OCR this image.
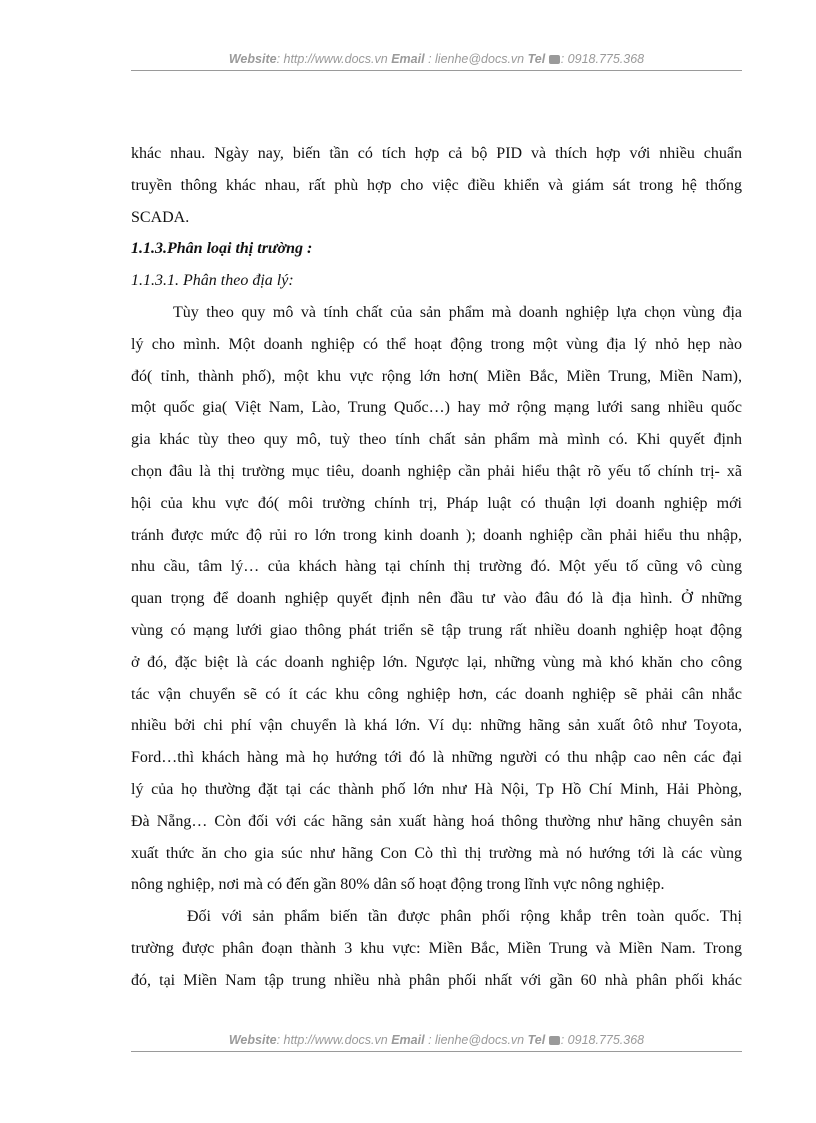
Website: http://www.docs.vn Email : lienhe@docs.vn Tel : 0918.775.368

khác nhau. Ngày nay, biến tần có tích hợp cả bộ PID và thích hợp với nhiều chuẩn
truyền thông khác nhau, rất phù hợp cho việc điều khiển và giám sát trong hệ thống
SCADA.

1.1.3.Phân loại thị trường :

1.1.3.1. Phân theo địa lý:

Tùy theo quy mô và tính chất của sản phẩm mà doanh nghiệp lựa chọn vùng địa
lý cho mình. Một doanh nghiệp có thể hoạt động trong một vùng địa lý nhỏ hẹp nào
đó( tỉnh, thành phố), một khu vực rộng lớn hơn( Miền Bắc, Miền Trung, Miền Nam),
một quốc gia( Việt Nam, Lào, Trung Quốc…) hay mở rộng mạng lưới sang nhiều quốc
gia khác tùy theo quy mô, tuỳ theo tính chất sản phẩm mà mình có. Khi quyết định
chọn đâu là thị trường mục tiêu, doanh nghiệp cần phải hiểu thật rõ yếu tố chính trị- xã
hội của khu vực đó( môi trường chính trị, Pháp luật có thuận lợi doanh nghiệp mới
tránh được mức độ rủi ro lớn trong kinh doanh ); doanh nghiệp cần phải hiểu thu nhập,
nhu cầu, tâm lý… của khách hàng tại chính thị trường đó. Một yếu tố cũng vô cùng
quan trọng để doanh nghiệp quyết định nên đầu tư vào đâu đó là địa hình. Ở những
vùng có mạng lưới giao thông phát triển sẽ tập trung rất nhiều doanh nghiệp hoạt động
ở đó, đặc biệt là các doanh nghiệp lớn. Ngược lại, những vùng mà khó khăn cho công
tác vận chuyển sẽ có ít các khu công nghiệp hơn, các doanh nghiệp sẽ phải cân nhắc
nhiều bởi chi phí vận chuyển là khá lớn. Ví dụ: những hãng sản xuất ôtô như Toyota,
Ford…thì khách hàng mà họ hướng tới đó là những người có thu nhập cao nên các đại
lý của họ thường đặt tại các thành phố lớn như Hà Nội, Tp Hồ Chí Minh, Hải Phòng,
Đà Nẵng… Còn đối với các hãng sản xuất hàng hoá thông thường như hãng chuyên sản
xuất thức ăn cho gia súc như hãng Con Cò thì thị trường mà nó hướng tới là các vùng
nông nghiệp, nơi mà có đến gần 80% dân số hoạt động trong lĩnh vực nông nghiệp.

Đối với sản phẩm biến tần được phân phối rộng khắp trên toàn quốc. Thị
trường được phân đoạn thành 3 khu vực: Miền Bắc, Miền Trung và Miền Nam. Trong
đó, tại Miền Nam tập trung nhiều nhà phân phối nhất với gần 60 nhà phân phối khác

Website: http://www.docs.vn Email : lienhe@docs.vn Tel : 0918.775.368
